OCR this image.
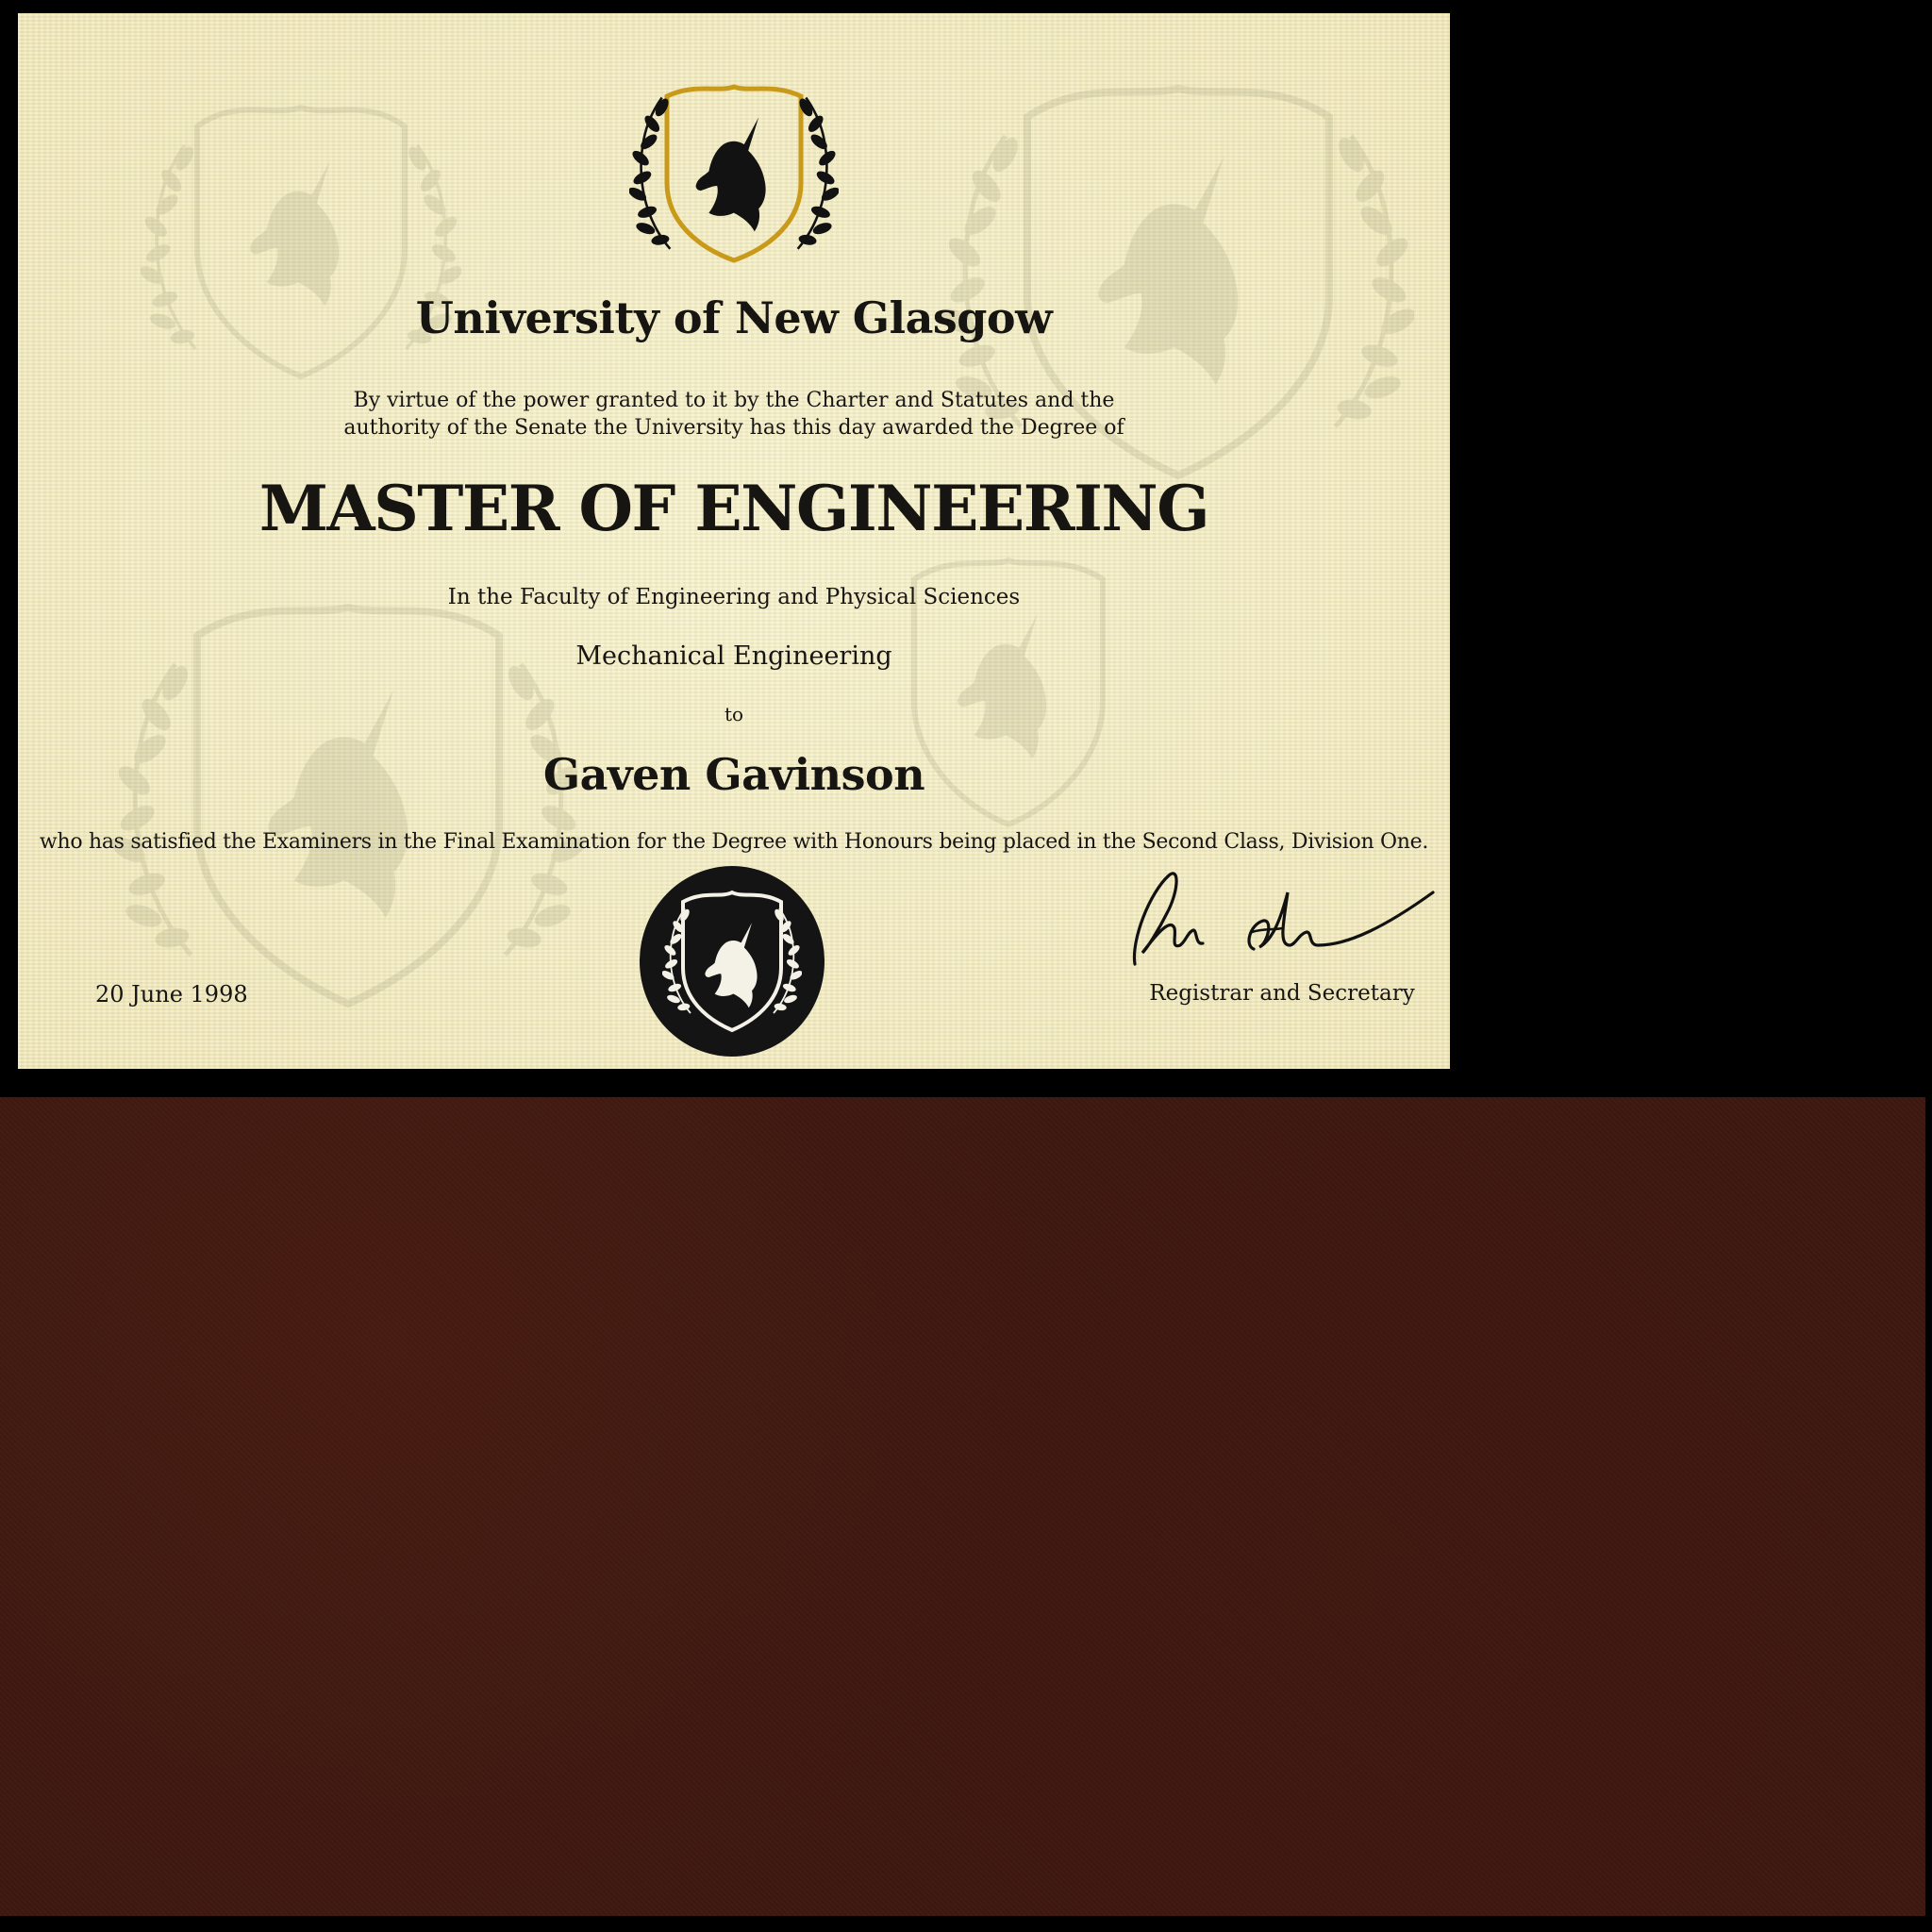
University of New Glasgow

By virtue of the power granted to it by the Charter and Statutes and the

authority of the Senate the University has this day awarded the Degree of

MASTER OF ENGINEERING

In the Faculty of Engineering and Physical Sciences

Mechanical Engineering

to

Gaven Gavinson

who has satisfied the Examiners in the Final Examination for the Degree with Honours being placed in the Second Class, Division One.

20 June 1998	Registrar and Secretary
